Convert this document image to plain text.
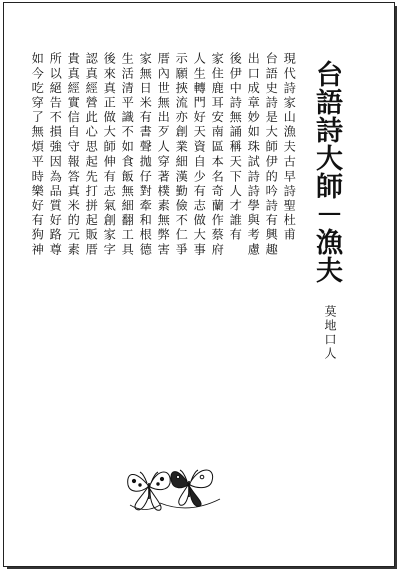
台語詩大師－漁夫
莫地口人
現代詩家山漁夫
台語史詩是大師
出口成章妙如珠
後伊中詩無誦稱
家住鹿耳安南區
人生轉門好天資
示願挾流亦創業
厝內世無出歹人
家無日米有書聲
生活清平識不如
後來真正做大師
認真經營此心思
貴真經實信自守
所以絕告不損強
如今吃穿了無煩
古早詩聖杜甫
伊的吟詩有興趣
試詩詩學與考慮
天下人才誰有
本名奇蘭作蔡府
自少有志做大事
細漢勤儉不仁爭
穿著樸素無弊害
拋仔對牽和根德
食飯無細翻工具
伸有志氣創家字
起先打拼起販厝
報答真米的元素
因為品質好路尊
平時樂好有狗神
